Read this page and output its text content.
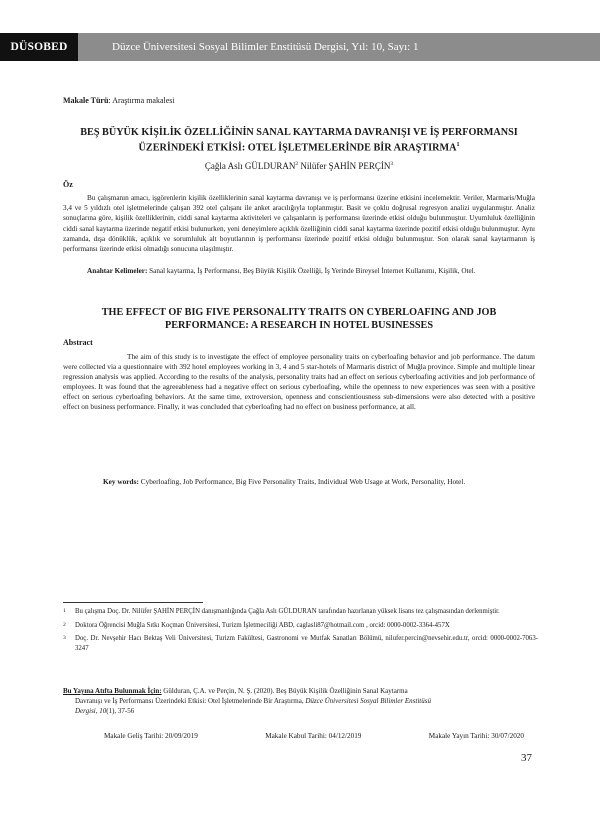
DÜSOBED	Düzce Üniversitesi Sosyal Bilimler Enstitüsü Dergisi, Yıl: 10, Sayı: 1
Makale Türü: Araştırma makalesi
BEŞ BÜYÜK KİŞİLİK ÖZELLİĞİNİN SANAL KAYTARMA DAVRANIŞI VE İŞ PERFORMANSI ÜZERİNDEKİ ETKİSİ: OTEL İŞLETMELERİNDE BİR ARAŞTIRMA$^1$
Çağla Aslı GÜLDURAN$^2$ Nilüfer ŞAHİN PERÇİN$^3$
Öz
Bu çalışmanın amacı, işgörenlerin kişilik özelliklerinin sanal kaytarma davranışı ve iş performansı üzerine etkisini incelemektir. Veriler, Marmaris/Muğla 3,4 ve 5 yıldızlı otel işletmelerinde çalışan 392 otel çalışanı ile anket aracılığıyla toplanmıştır. Basit ve çoklu doğrusal regresyon analizi uygulanmıştır. Analiz sonuçlarına göre, kişilik özelliklerinin, ciddi sanal kaytarma aktiviteleri ve çalışanların iş performansı üzerinde etkisi olduğu bulunmuştur. Uyumluluk özelliğinin ciddi sanal kaytarma üzerinde negatif etkisi bulunurken, yeni deneyimlere açıklık özelliğinin ciddi sanal kaytarma üzerinde pozitif etkisi olduğu bulunmuştur. Aynı zamanda, dışa dönüklük, açıklık ve sorumluluk alt boyutlarının iş performansı üzerinde pozitif etkisi olduğu bulunmuştur. Son olarak sanal kaytarmanın iş performansı üzerinde etkisi olmadığı sonucuna ulaşılmıştır.
Anahtar Kelimeler: Sanal kaytarma, İş Performansı, Beş Büyük Kişilik Özelliği, İş Yerinde Bireysel İnternet Kullanımı, Kişilik, Otel.
THE EFFECT OF BIG FIVE PERSONALITY TRAITS ON CYBERLOAFING AND JOB PERFORMANCE: A RESEARCH IN HOTEL BUSINESSES
Abstract
The aim of this study is to investigate the effect of employee personality traits on cyberloafing behavior and job performance. The datum were collected via a questionnaire with 392 hotel employees working in 3, 4 and 5 star-hotels of Marmaris district of Muğla province. Simple and multiple linear regression analysis was applied. According to the results of the analysis, personality traits had an effect on serious cyberloafing activities and job performance of employees. It was found that the agreeableness had a negative effect on serious cyberloafing, while the openness to new experiences was seen with a positive effect on serious cyberloafing behaviors. At the same time, extroversion, openness and conscientiousness sub-dimensions were also detected with a positive effect on business performance. Finally, it was concluded that cyberloafing had no effect on business performance, at all.
Key words: Cyberloafing, Job Performance, Big Five Personality Traits, Individual Web Usage at Work, Personality, Hotel.
1	Bu çalışma Doç. Dr. Nilüfer ŞAHİN PERÇİN danışmanlığında Çağla Aslı GÜLDURAN tarafından hazırlanan yüksek lisans tez çalışmasından derlenmiştir.
2	Doktora Öğrencisi Muğla Sıtkı Koçman Üniversitesi, Turizm İşletmeciliği ABD, caglasli87@hotmail.com , orcid: 0000-0002-3364-457X
3	Doç. Dr. Nevşehir Hacı Bektaş Veli Üniversitesi, Turizm Fakültesi, Gastronomi ve Mutfak Sanatları Bölümü, nilufer.percin@nevsehir.edu.tr, orcid: 0000-0002-7063-3247
Bu Yayına Atıfta Bulunmak İçin: Gülduran, Ç.A. ve Perçin, N. Ş. (2020). Beş Büyük Kişilik Özelliğinin Sanal Kaytarma
Davranışı ve İş Performansı Üzerindeki Etkisi: Otel İşletmelerinde Bir Araştırma, Düzce Üniversitesi Sosyal Bilimler Enstitüsü
Dergisi, 10(1), 37-56
Makale Geliş Tarihi: 20/09/2019	Makale Kabul Tarihi: 04/12/2019	Makale Yayın Tarihi: 30/07/2020
37
